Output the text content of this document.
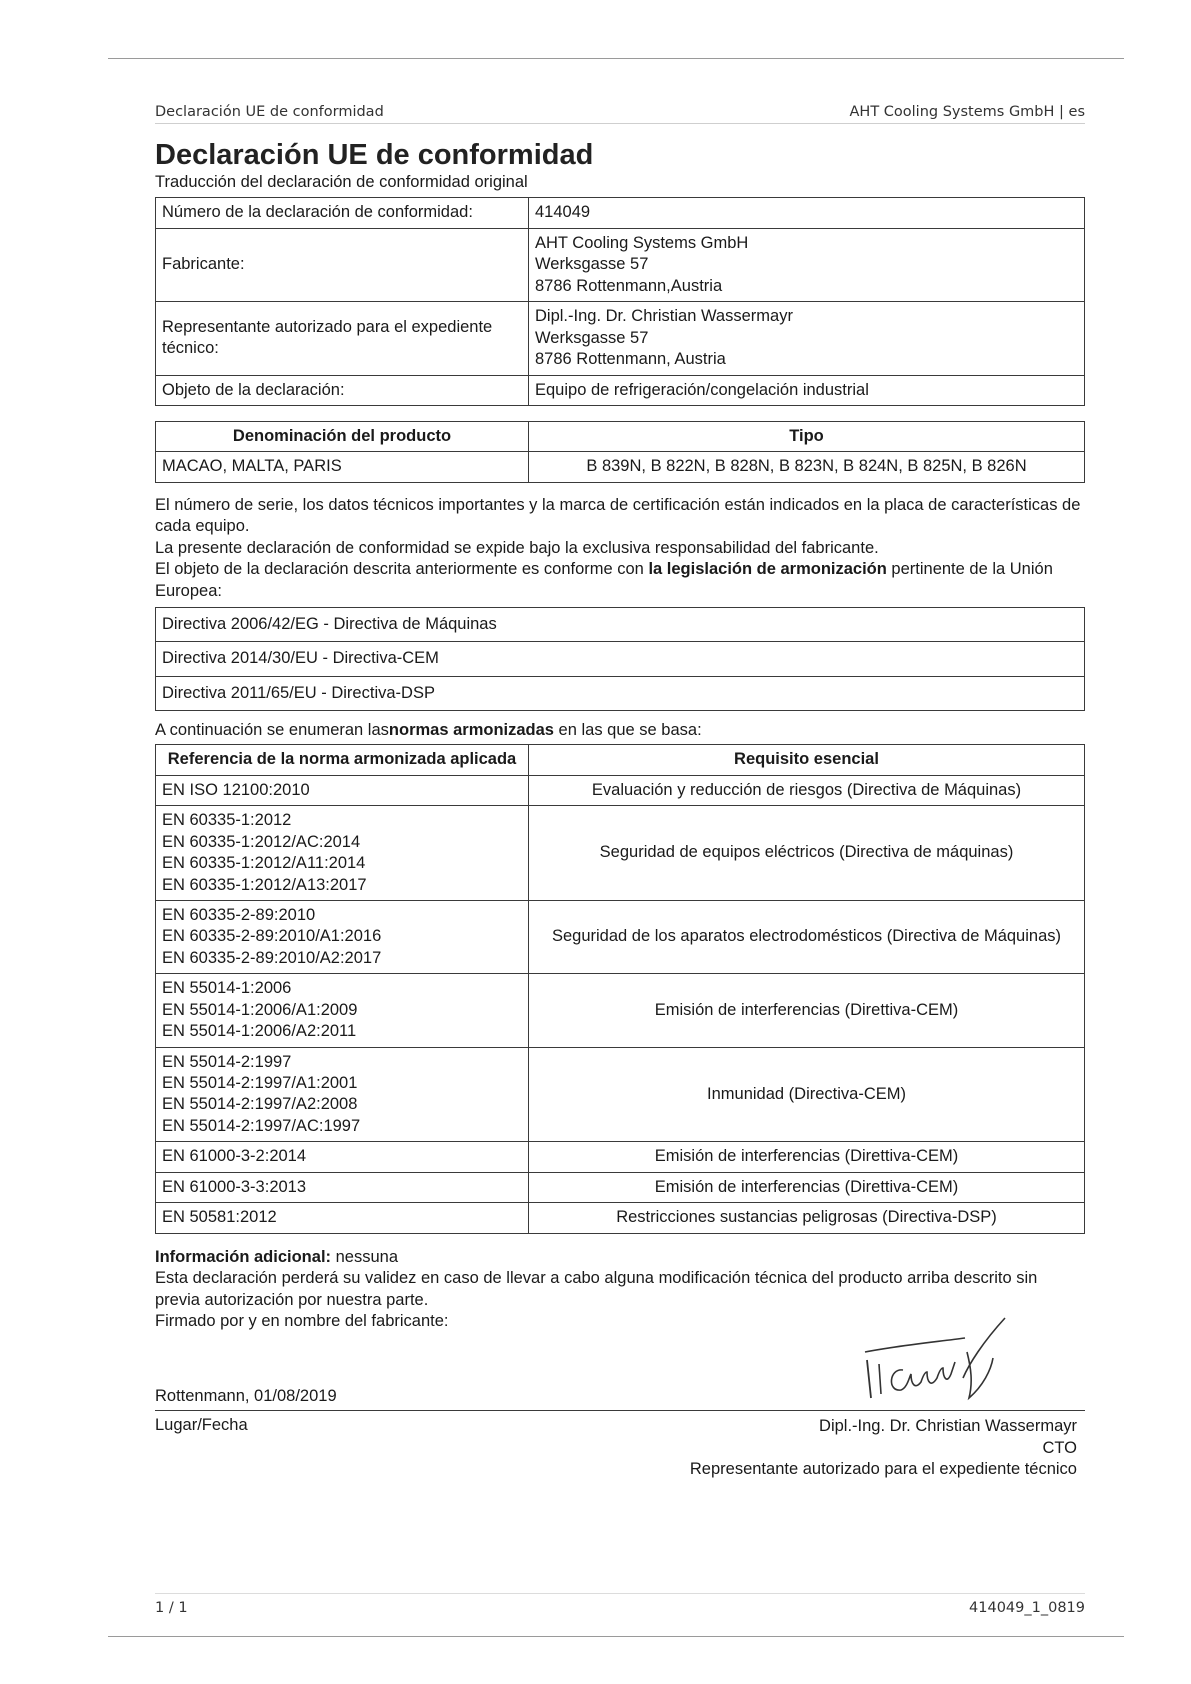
Declaración UE de conformidad	AHT Cooling Systems GmbH | es
Declaración UE de conformidad
Traducción del declaración de conformidad original
Número de la declaración de conformidad:	414049
Fabricante:	AHT Cooling Systems GmbH
Werksgasse 57
8786 Rottenmann,Austria

Representante autorizado para el expediente técnico:	Dipl.-Ing. Dr. Christian Wassermayr
Werksgasse 57
8786 Rottenmann, Austria

Objeto de la declaración:	Equipo de refrigeración/congelación industrial
Denominación del producto	Tipo
MACAO, MALTA, PARIS	B 839N, B 822N, B 828N, B 823N, B 824N, B 825N, B 826N

El número de serie, los datos técnicos importantes y la marca de certificación están indicados en la placa de características de cada equipo.

La presente declaración de conformidad se expide bajo la exclusiva responsabilidad del fabricante.

El objeto de la declaración descrita anteriormente es conforme con la legislación de armonización pertinente de la Unión Europea:

Directiva 2006/42/EG - Directiva de Máquinas
Directiva 2014/30/EU - Directiva-CEM
Directiva 2011/65/EU - Directiva-DSP
A continuación se enumeran lasnormas armonizadas en las que se basa:
Referencia de la norma armonizada aplicada	Requisito esencial

EN ISO 12100:2010	Evaluación y reducción de riesgos (Directiva de Máquinas)

EN 60335-1:2012
EN 60335-1:2012/AC:2014
EN 60335-1:2012/A11:2014
EN 60335-1:2012/A13:2017	Seguridad de equipos eléctricos (Directiva de máquinas)

EN 60335-2-89:2010
EN 60335-2-89:2010/A1:2016
EN 60335-2-89:2010/A2:2017	Seguridad de los aparatos electrodomésticos (Directiva de Máquinas)

EN 55014-1:2006
EN 55014-1:2006/A1:2009
EN 55014-1:2006/A2:2011	Emisión de interferencias (Direttiva-CEM)

EN 55014-2:1997
EN 55014-2:1997/A1:2001
EN 55014-2:1997/A2:2008
EN 55014-2:1997/AC:1997	Inmunidad (Directiva-CEM)

EN 61000-3-2:2014	Emisión de interferencias (Direttiva-CEM)

EN 61000-3-3:2013	Emisión de interferencias (Direttiva-CEM)

EN 50581:2012	Restricciones sustancias peligrosas (Directiva-DSP)

Información adicional: nessuna

Esta declaración perderá su validez en caso de llevar a cabo alguna modificación técnica del producto arriba descrito sin previa autorización por nuestra parte.

Firmado por y en nombre del fabricante:

Rottenmann, 01/08/2019
Lugar/Fecha	Dipl.-Ing. Dr. Christian Wassermayr
CTO
Representante autorizado para el expediente técnico
1 / 1	414049_1_0819
